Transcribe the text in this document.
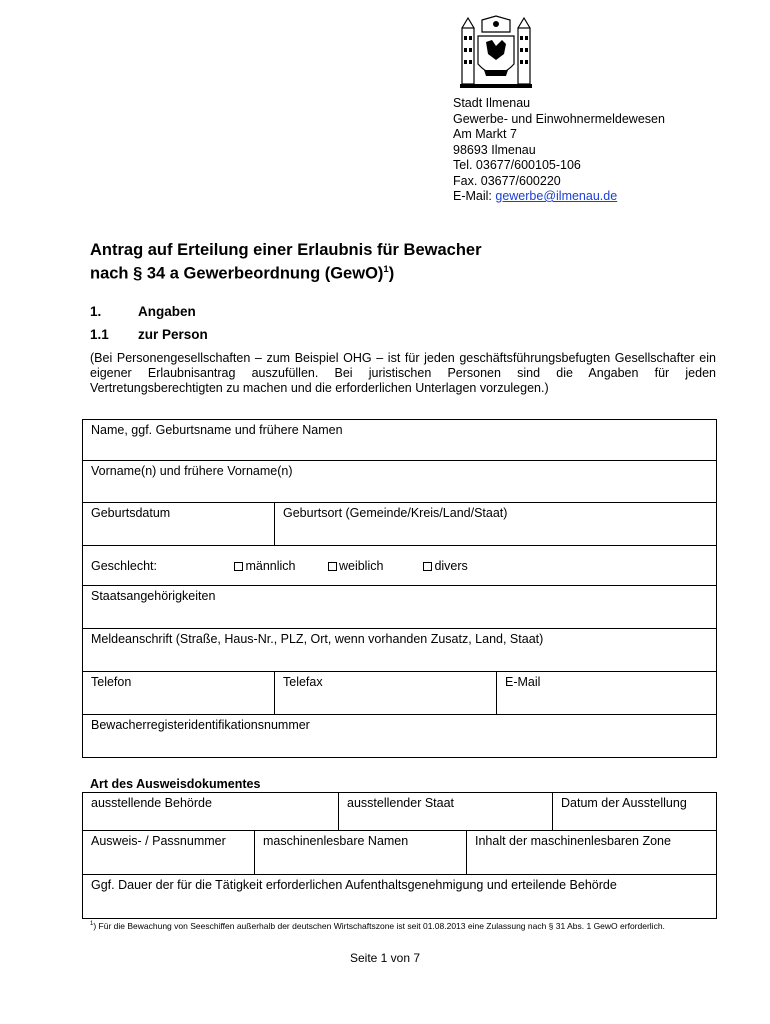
Stadt Ilmenau
Gewerbe- und Einwohnermeldewesen
Am Markt 7
98693 Ilmenau
Tel. 03677/600105-106
Fax. 03677/600220
E-Mail: gewerbe@ilmenau.de
Antrag auf Erteilung einer Erlaubnis für Bewacher
nach § 34 a Gewerbeordnung (GewO)$^1$)
1.	Angaben
1.1 zur Person
(Bei Personengesellschaften – zum Beispiel OHG – ist für jeden geschäftsführungsbefugten Gesellschafter ein eigener Erlaubnisantrag auszufüllen. Bei juristischen Personen sind die Angaben für jeden Vertretungsberechtigten zu machen und die erforderlichen Unterlagen vorzulegen.)
Name, ggf. Geburtsname und frühere Namen		
Vorname(n) und frühere Vorname(n)		
Geburtsdatum	Geburtsort (Gemeinde/Kreis/Land/Staat)	
Geschlecht: männlich weiblich divers		
Staatsangehörigkeiten		
Meldeanschrift (Straße, Haus-Nr., PLZ, Ort, wenn vorhanden Zusatz, Land, Staat)		
Telefon	Telefax	E-Mail
Bewacherregisteridentifikationsnummer		
Art des Ausweisdokumentes
ausstellende Behörde		ausstellender Staat		Datum der Ausstellung
Ausweis- / Passnummer	maschinenlesbare Namen		Inhalt der maschinenlesbaren Zone	
Ggf. Dauer der für die Tätigkeit erforderlichen Aufenthaltsgenehmigung und erteilende Behörde				
$^1$) Für die Bewachung von Seeschiffen außerhalb der deutschen Wirtschaftszone ist seit 01.08.2013 eine Zulassung nach § 31 Abs. 1 GewO erforderlich.
Seite 1 von 7
